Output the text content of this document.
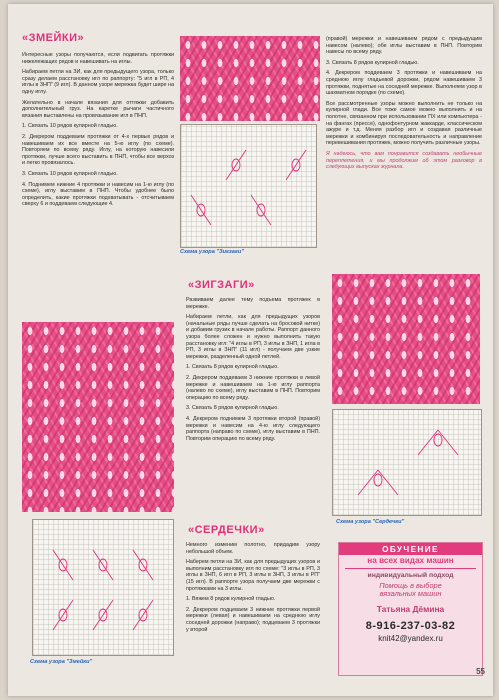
«ЗМЕЙКИ»

Интересные узоры получаются, если подвигать протяжки нижележащих рядов и навешивать на иглы.

Набираем петли на ЗИ, как для предыдущего узора, только сразу делаем расстановку игл по раппорту: "5 игл в РП, 4 иглы в ЗНП" (9 игл). В данном узоре мережка будет шире на одну иглу.

Желательно в начале вязания для оттяжки добавить дополнительный груз. На каретке рычаги частичного вязания выставлены на провязывание игл в ПНП.

1. Связать 10 рядов кулирной гладью.

2. Декрером поддеваем протяжки от 4-х первых рядов и навешиваем их все вместе на 5-ю иглу (по схеме). Повторяем по всему ряду. Иглу, на которую навесили протяжки, лучше всего выставить в ПНП, чтобы все верхоз и легко провязалось.

3. Связать 10 рядов кулирной гладью.

4. Поднимем нижние 4 протяжки и навесим на 1-ю иглу (по схеме), иглу выставим в ПНП. Чтобы удобнее было определить, какие протяжки подхватывать - отсчитываем сверху 6 и поддеваем следующие 4.

Схема узора "Змейки"
Схема узора "Зигзаги"
«ЗИГЗАГИ»

Развиваем далее тему подъема протяжек в мережке.

Набираем петли, как для предыдущих узоров (начальные ряды лучше сделать на бросовой нитке) и добавим грузик в начале работы. Раппорт данного узора более сложен и нужно выполнить такую расстановку игл: "4 иглы в РП, 3 иглы в ЗНП, 1 игла в РП, 3 иглы в ЗНП" (11 игл) - получаем две узкие мережки, разделенный одной петлей.

1. Связать 8 рядов кулирной гладью.

2. Декрером поддеваем 3 нижние протяжки в левой мережке и навешиваем на 1-ю иглу раппорта (налево по схеме), иглу выставим в ПНП. Повторим операцию по всему ряду.

3. Связать 8 рядов кулирной гладью.

4. Декрером поднимем 3 протяжки второй (правой) мережки и навесим на 4-ю иглу следующего раппорта (направо по схеме), иглу выставим в ПНП. Повторим операцию по всему ряду.

«СЕРДЕЧКИ»

Немного изменим полотно, придадим узору небольшой объем.

Наберем петли на ЗИ, как для предыдущих узоров и выполним расстановку игл по схеме: "3 иглы в РП, 3 иглы в ЗНП, 6 игл в РП, 3 иглы в ЗНП, 3 иглы в РП" (15 игл). В раппорте узора получаем две мережки с протяжками на 3 иглы.

1. Вяжем 8 рядов кулирной гладью.

2. Декрером подцеваем 3 нижние протяжки первой мережки (левая) и навешиваем на среднюю иглу соседней дорожки (направо); подцеваем 3 протяжки у второй

(правой) мережки и навешиваем рядом с предыдущим навесом (налево); обе иглы выставим в ПНП. Повторим навесы по всему ряду.

3. Связать 8 рядов кулирной гладью.

4. Декрером поддеваем 3 протяжки и навешиваем на среднюю иглу гладьевой дорожки, рядом навешиваем 3 протяжки, поднятые на соседней мережке. Выполняем узор в шахматном порядке (по схеме).

Все рассмотренные узоры можно выполнить не только на кулирной глади. Все тоже самое можно выполнить и на полотне, связанном при использовании ПХ или компьютера - на фангах (прессе), однофонтурном жаккарде, классическом ажуре и т.д. Меняя разбор игл и создавая различные мережки и комбинируя последовательность и направление перевешивания протяжек, можно получить различные узоры.

Я надеюсь, что вам понравится создавать необычные переплетения, и мы продолжим об этом разговор в следующих выпусках журнала.

Схема узора "Сердечки"
ОБУЧЕНИЕ
на всех видах машин
индивидуальный подход
Помощь в выборе
вязальных машин
Татьяна Дёмина
8-916-237-03-82
knit42@yandex.ru
55
